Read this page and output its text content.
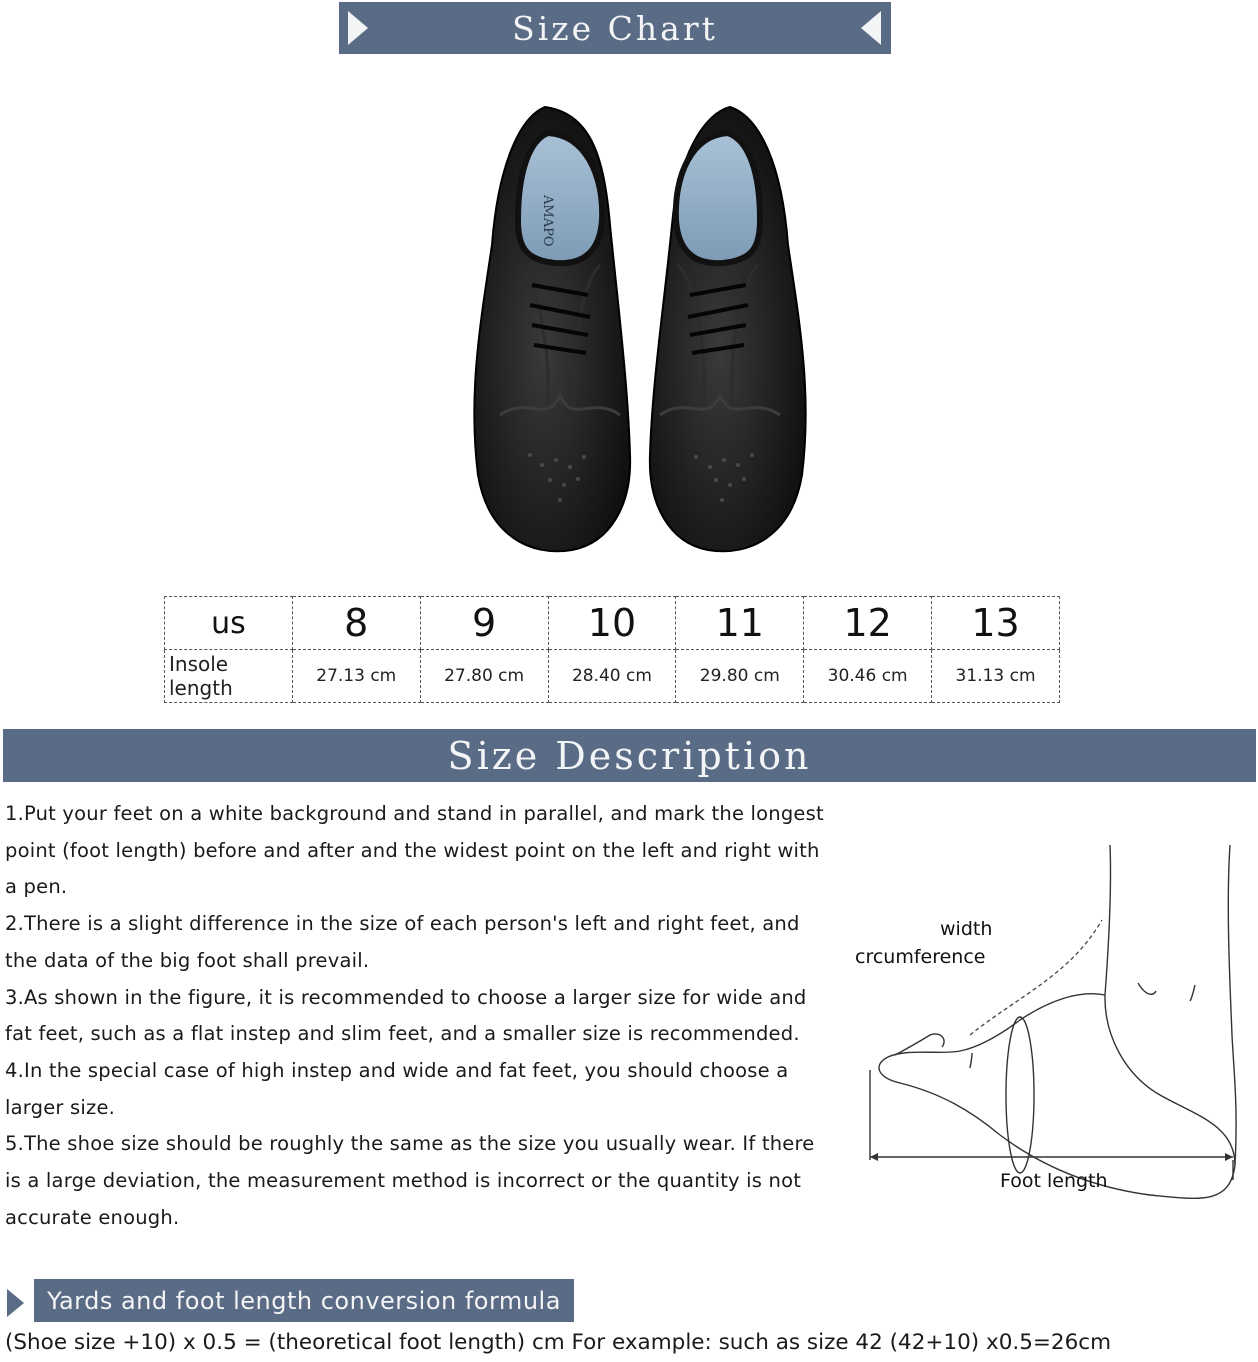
Size Chart
AMAPO
us	8	9	10	11	12	13
Insole length	27.13 cm	27.80 cm	28.40 cm	29.80 cm	30.46 cm	31.13 cm
Size Description

1.Put your feet on a white background and stand in parallel, and mark the longest point (foot length) before and after and the widest point on the left and right with a pen.

2.There is a slight difference in the size of each person's left and right feet, and the data of the big foot shall prevail.

3.As shown in the figure, it is recommended to choose a larger size for wide and fat feet, such as a flat instep and slim feet, and a smaller size is recommended.

4.In the special case of high instep and wide and fat feet, you should choose a larger size.

5.The shoe size should be roughly the same as the size you usually wear. If there is a large deviation, the measurement method is incorrect or the quantity is not accurate enough.

width
crcumference
Foot length
Yards and foot length conversion formula
(Shoe size +10) x 0.5 = (theoretical foot length) cm For example: such as size 42 (42+10) x0.5=26cm
